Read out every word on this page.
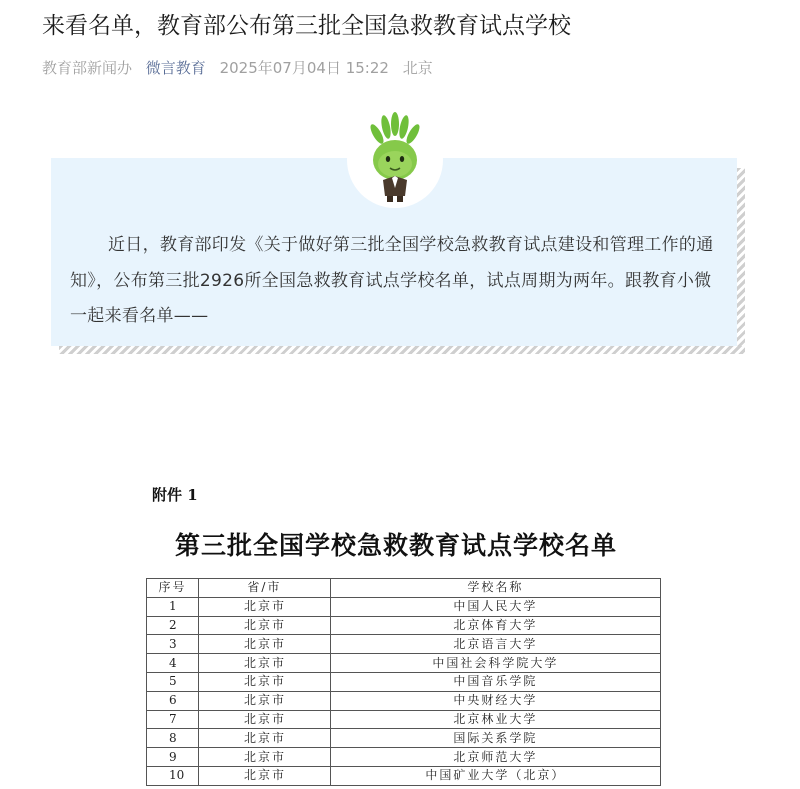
来看名单，教育部公布第三批全国急救教育试点学校
教育部新闻办 微言教育 2025年07月04日 15:22 北京

近日，教育部印发《关于做好第三批全国学校急救教育试点建设和管理工作的通知》，公布第三批2926所全国急救教育试点学校名单，试点周期为两年。跟教育小微一起来看名单——

附件 1
第三批全国学校急救教育试点学校名单
序号	省/市	学校名称
1	北京市	中国人民大学
2	北京市	北京体育大学
3	北京市	北京语言大学
4	北京市	中国社会科学院大学
5	北京市	中国音乐学院
6	北京市	中央财经大学
7	北京市	北京林业大学
8	北京市	国际关系学院
9	北京市	北京师范大学
10	北京市	中国矿业大学（北京）
